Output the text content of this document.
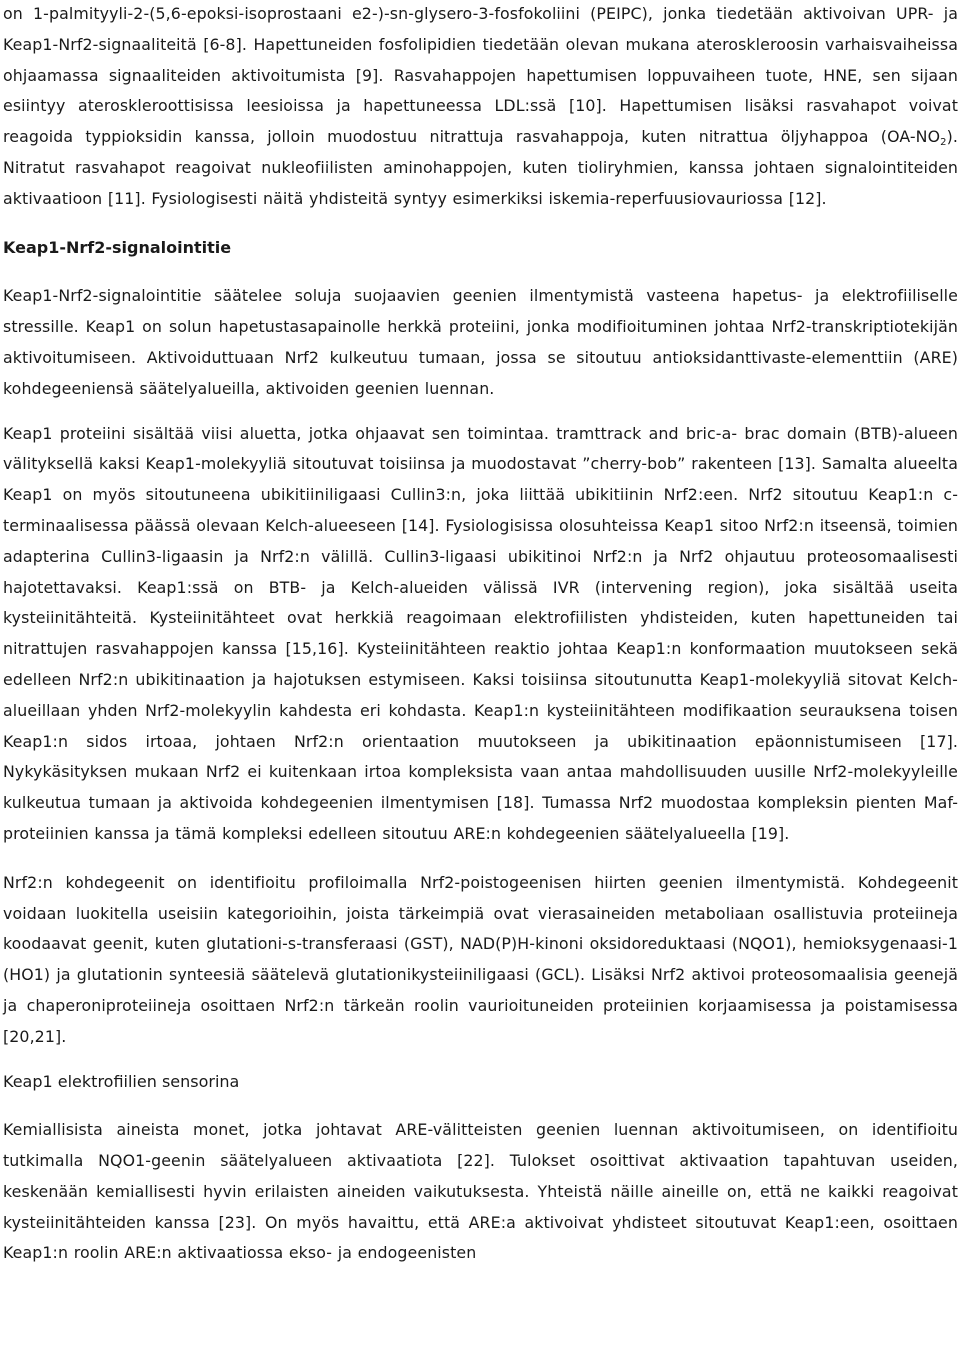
on 1-palmityyli-2-(5,6-epoksi-isoprostaani e2-)-sn-glysero-3-fosfokoliini (PEIPC), jonka tiedetään aktivoivan UPR- ja Keap1-Nrf2-signaaliteitä [6-8]. Hapettuneiden fosfolipidien tiedetään olevan mukana ateroskleroosin varhaisvaiheissa ohjaamassa signaaliteiden aktivoitumista [9]. Rasvahappojen hapettumisen loppuvaiheen tuote, HNE, sen sijaan esiintyy ateroskleroottisissa leesioissa ja hapettuneessa LDL:ssä [10]. Hapettumisen lisäksi rasvahapot voivat reagoida typpioksidin kanssa, jolloin muodostuu nitrattuja rasvahappoja, kuten nitrattua öljyhappoa $(OA-NO_2)$. Nitratut rasvahapot reagoivat nukleofiilisten aminohappojen, kuten tioliryhmien, kanssa johtaen signalointiteiden aktivaatioon [11]. Fysiologisesti näitä yhdisteitä syntyy esimerkiksi iskemia-reperfuusiovauriossa [12].

Keap1-Nrf2-signalointitie

Keap1-Nrf2-signalointitie säätelee soluja suojaavien geenien ilmentymistä vasteena hapetus- ja elektrofiiliselle stressille. Keap1 on solun hapetustasapainolle herkkä proteiini, jonka modifioituminen johtaa Nrf2-transkriptiotekijän aktivoitumiseen. Aktivoiduttuaan Nrf2 kulkeutuu tumaan, jossa se sitoutuu antioksidanttivaste-elementtiin (ARE) kohdegeeniensä säätelyalueilla, aktivoiden geenien luennan.

Keap1 proteiini sisältää viisi aluetta, jotka ohjaavat sen toimintaa. tramttrack and bric-a- brac domain (BTB)-alueen välityksellä kaksi Keap1-molekyyliä sitoutuvat toisiinsa ja muodostavat ”cherry-bob” rakenteen [13]. Samalta alueelta Keap1 on myös sitoutuneena ubikitiiniligaasi Cullin3:n, joka liittää ubikitiinin Nrf2:een. Nrf2 sitoutuu Keap1:n c-terminaalisessa päässä olevaan Kelch-alueeseen [14]. Fysiologisissa olosuhteissa Keap1 sitoo Nrf2:n itseensä, toimien adapterina Cullin3-ligaasin ja Nrf2:n välillä. Cullin3-ligaasi ubikitinoi Nrf2:n ja Nrf2 ohjautuu proteosomaalisesti hajotettavaksi. Keap1:ssä on BTB- ja Kelch-alueiden välissä IVR (intervening region), joka sisältää useita kysteiinitähteitä. Kysteiinitähteet ovat herkkiä reagoimaan elektrofiilisten yhdisteiden, kuten hapettuneiden tai nitrattujen rasvahappojen kanssa [15,16]. Kysteiinitähteen reaktio johtaa Keap1:n konformaation muutokseen sekä edelleen Nrf2:n ubikitinaation ja hajotuksen estymiseen. Kaksi toisiinsa sitoutunutta Keap1-molekyyliä sitovat Kelch-alueillaan yhden Nrf2-molekyylin kahdesta eri kohdasta. Keap1:n kysteiinitähteen modifikaation seurauksena toisen Keap1:n sidos irtoaa, johtaen Nrf2:n orientaation muutokseen ja ubikitinaation epäonnistumiseen [17]. Nykykäsityksen mukaan Nrf2 ei kuitenkaan irtoa kompleksista vaan antaa mahdollisuuden uusille Nrf2-molekyyleille kulkeutua tumaan ja aktivoida kohdegeenien ilmentymisen [18]. Tumassa Nrf2 muodostaa kompleksin pienten Maf-proteiinien kanssa ja tämä kompleksi edelleen sitoutuu ARE:n kohdegeenien säätelyalueella [19].

Nrf2:n kohdegeenit on identifioitu profiloimalla Nrf2-poistogeenisen hiirten geenien ilmentymistä. Kohdegeenit voidaan luokitella useisiin kategorioihin, joista tärkeimpiä ovat vierasaineiden metaboliaan osallistuvia proteiineja koodaavat geenit, kuten glutationi-s-transferaasi (GST), NAD(P)H-kinoni oksidoreduktaasi (NQO1), hemioksygenaasi-1 (HO1) ja glutationin synteesiä säätelevä glutationikysteiiniligaasi (GCL). Lisäksi Nrf2 aktivoi proteosomaalisia geenejä ja chaperoniproteiineja osoittaen Nrf2:n tärkeän roolin vaurioituneiden proteiinien korjaamisessa ja poistamisessa [20,21].

Keap1 elektrofiilien sensorina

Kemiallisista aineista monet, jotka johtavat ARE-välitteisten geenien luennan aktivoitumiseen, on identifioitu tutkimalla NQO1-geenin säätelyalueen aktivaatiota [22]. Tulokset osoittivat aktivaation tapahtuvan useiden, keskenään kemiallisesti hyvin erilaisten aineiden vaikutuksesta. Yhteistä näille aineille on, että ne kaikki reagoivat kysteiinitähteiden kanssa [23]. On myös havaittu, että ARE:a aktivoivat yhdisteet sitoutuvat Keap1:een, osoittaen Keap1:n roolin ARE:n aktivaatiossa ekso- ja endogeenisten
